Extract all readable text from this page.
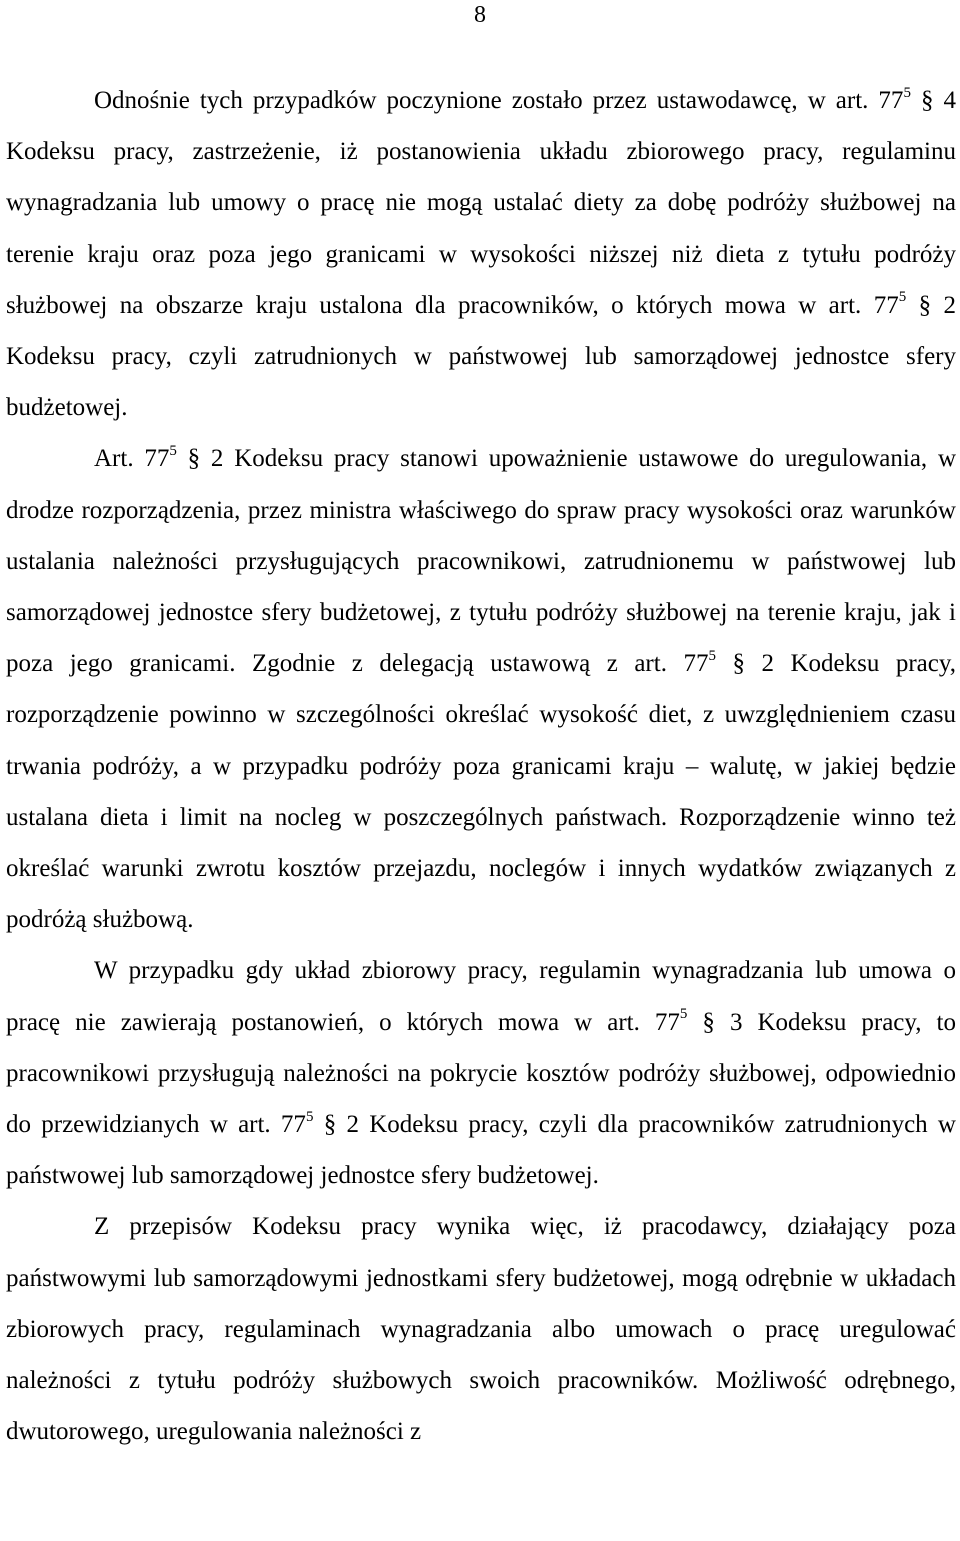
8

Odnośnie tych przypadków poczynione zostało przez ustawodawcę, w art. $77^5$ § 4 Kodeksu pracy, zastrzeżenie, iż postanowienia układu zbiorowego pracy, regulaminu wynagradzania lub umowy o pracę nie mogą ustalać diety za dobę podróży służbowej na terenie kraju oraz poza jego granicami w wysokości niższej niż dieta z tytułu podróży służbowej na obszarze kraju ustalona dla pracowników, o których mowa w art. $77^5$ § 2 Kodeksu pracy, czyli zatrudnionych w państwowej lub samorządowej jednostce sfery budżetowej.

Art. $77^5$ § 2 Kodeksu pracy stanowi upoważnienie ustawowe do uregulowania, w drodze rozporządzenia, przez ministra właściwego do spraw pracy wysokości oraz warunków ustalania należności przysługujących pracownikowi, zatrudnionemu w państwowej lub samorządowej jednostce sfery budżetowej, z tytułu podróży służbowej na terenie kraju, jak i poza jego granicami. Zgodnie z delegacją ustawową z art. $77^5$ § 2 Kodeksu pracy, rozporządzenie powinno w szczególności określać wysokość diet, z uwzględnieniem czasu trwania podróży, a w przypadku podróży poza granicami kraju – walutę, w jakiej będzie ustalana dieta i limit na nocleg w poszczególnych państwach. Rozporządzenie winno też określać warunki zwrotu kosztów przejazdu, noclegów i innych wydatków związanych z podróżą służbową.

W przypadku gdy układ zbiorowy pracy, regulamin wynagradzania lub umowa o pracę nie zawierają postanowień, o których mowa w art. $77^5$ § 3 Kodeksu pracy, to pracownikowi przysługują należności na pokrycie kosztów podróży służbowej, odpowiednio do przewidzianych w art. $77^5$ § 2 Kodeksu pracy, czyli dla pracowników zatrudnionych w państwowej lub samorządowej jednostce sfery budżetowej.

Z przepisów Kodeksu pracy wynika więc, iż pracodawcy, działający poza państwowymi lub samorządowymi jednostkami sfery budżetowej, mogą odrębnie w układach zbiorowych pracy, regulaminach wynagradzania albo umowach o pracę uregulować należności z tytułu podróży służbowych swoich pracowników. Możliwość odrębnego, dwutorowego, uregulowania należności z
